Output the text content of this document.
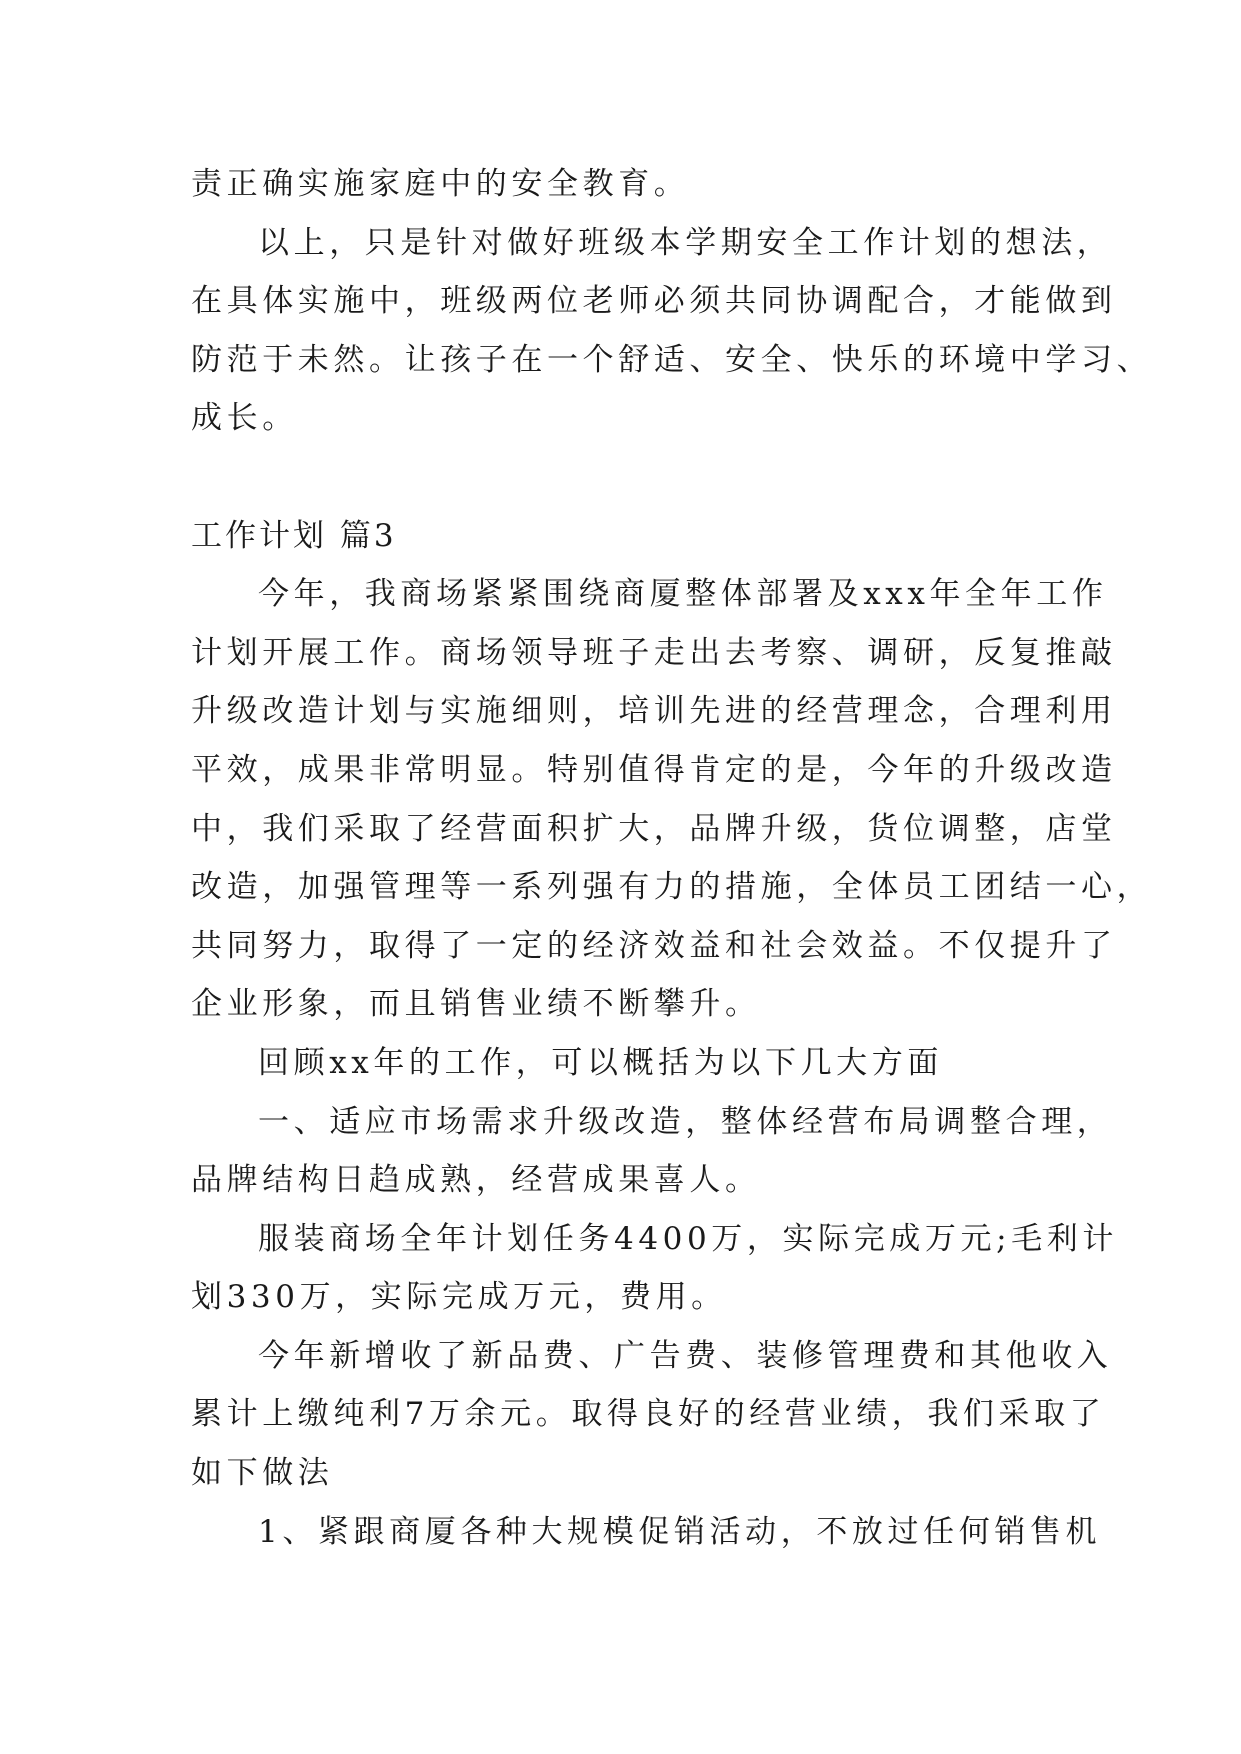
责正确实施家庭中的安全教育。
以上，只是针对做好班级本学期安全工作计划的想法，
在具体实施中，班级两位老师必须共同协调配合，才能做到
防范于未然。让孩子在一个舒适、安全、快乐的环境中学习、
成长。
工作计划 篇3
今年，我商场紧紧围绕商厦整体部署及xxx年全年工作
计划开展工作。商场领导班子走出去考察、调研，反复推敲
升级改造计划与实施细则，培训先进的经营理念，合理利用
平效，成果非常明显。特别值得肯定的是，今年的升级改造
中，我们采取了经营面积扩大，品牌升级，货位调整，店堂
改造，加强管理等一系列强有力的措施，全体员工团结一心，
共同努力，取得了一定的经济效益和社会效益。不仅提升了
企业形象，而且销售业绩不断攀升。
回顾xx年的工作，可以概括为以下几大方面
一、适应市场需求升级改造，整体经营布局调整合理，
品牌结构日趋成熟，经营成果喜人。
服装商场全年计划任务4400万，实际完成万元;毛利计
划330万，实际完成万元，费用。
今年新增收了新品费、广告费、装修管理费和其他收入
累计上缴纯利7万余元。取得良好的经营业绩，我们采取了
如下做法
1、紧跟商厦各种大规模促销活动，不放过任何销售机
